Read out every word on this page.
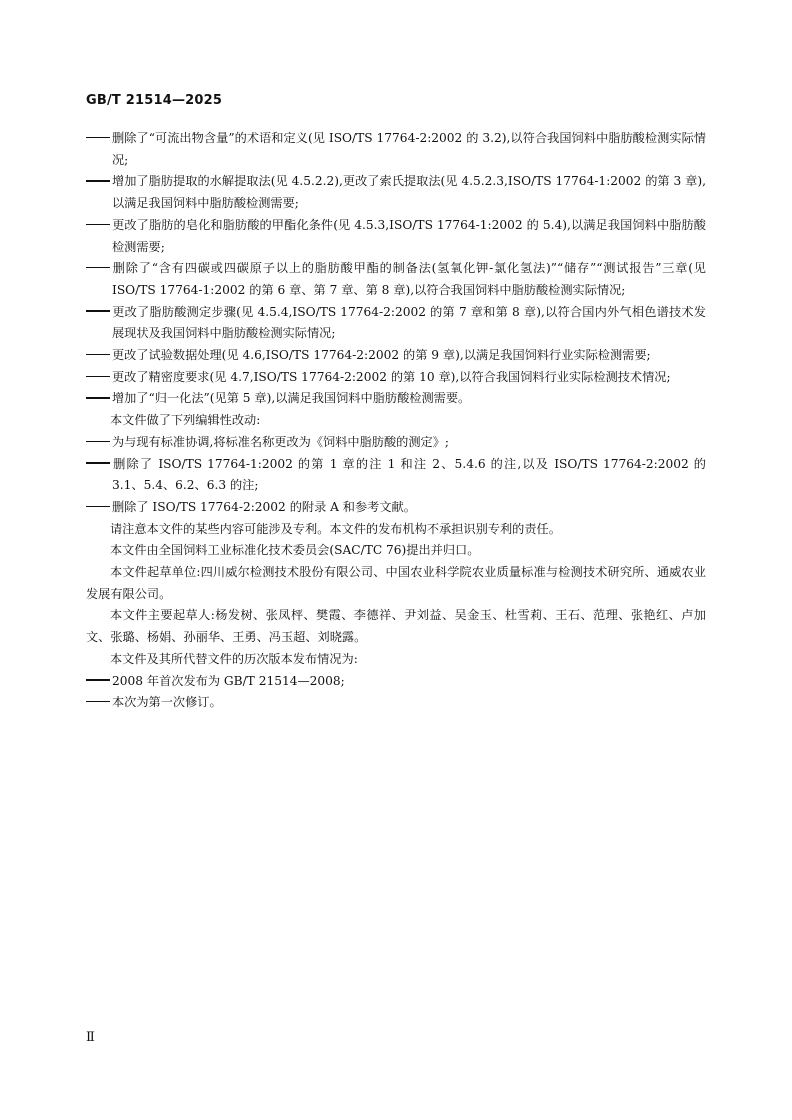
GB/T 21514—2025

删除了“可流出物含量”的术语和定义(见 ISO/TS 17764-2:2002 的 3.2),以符合我国饲料中脂肪酸检测实际情况;

增加了脂肪提取的水解提取法(见 4.5.2.2),更改了索氏提取法(见 4.5.2.3,ISO/TS 17764-1:2002 的第 3 章),以满足我国饲料中脂肪酸检测需要;

更改了脂肪的皂化和脂肪酸的甲酯化条件(见 4.5.3,ISO/TS 17764-1:2002 的 5.4),以满足我国饲料中脂肪酸检测需要;

删除了“含有四碳或四碳原子以上的脂肪酸甲酯的制备法(氢氧化钾-氯化氢法)”“储存”“测试报告”三章(见 ISO/TS 17764-1:2002 的第 6 章、第 7 章、第 8 章),以符合我国饲料中脂肪酸检测实际情况;

更改了脂肪酸测定步骤(见 4.5.4,ISO/TS 17764-2:2002 的第 7 章和第 8 章),以符合国内外气相色谱技术发展现状及我国饲料中脂肪酸检测实际情况;

更改了试验数据处理(见 4.6,ISO/TS 17764-2:2002 的第 9 章),以满足我国饲料行业实际检测需要;

更改了精密度要求(见 4.7,ISO/TS 17764-2:2002 的第 10 章),以符合我国饲料行业实际检测技术情况;

增加了“归一化法”(见第 5 章),以满足我国饲料中脂肪酸检测需要。

本文件做了下列编辑性改动:

为与现有标准协调,将标准名称更改为《饲料中脂肪酸的测定》;

删除了 ISO/TS 17764-1:2002 的第 1 章的注 1 和注 2、5.4.6 的注,以及 ISO/TS 17764-2:2002 的 3.1、5.4、6.2、6.3 的注;

删除了 ISO/TS 17764-2:2002 的附录 A 和参考文献。

请注意本文件的某些内容可能涉及专利。本文件的发布机构不承担识别专利的责任。

本文件由全国饲料工业标准化技术委员会(SAC/TC 76)提出并归口。

本文件起草单位:四川威尔检测技术股份有限公司、中国农业科学院农业质量标准与检测技术研究所、通威农业发展有限公司。

本文件主要起草人:杨发树、张凤枰、樊霞、李德祥、尹刘益、吴金玉、杜雪莉、王石、范理、张艳红、卢加文、张璐、杨娟、孙丽华、王勇、冯玉超、刘晓露。

本文件及其所代替文件的历次版本发布情况为:

2008 年首次发布为 GB/T 21514—2008;

本次为第一次修订。

Ⅱ
